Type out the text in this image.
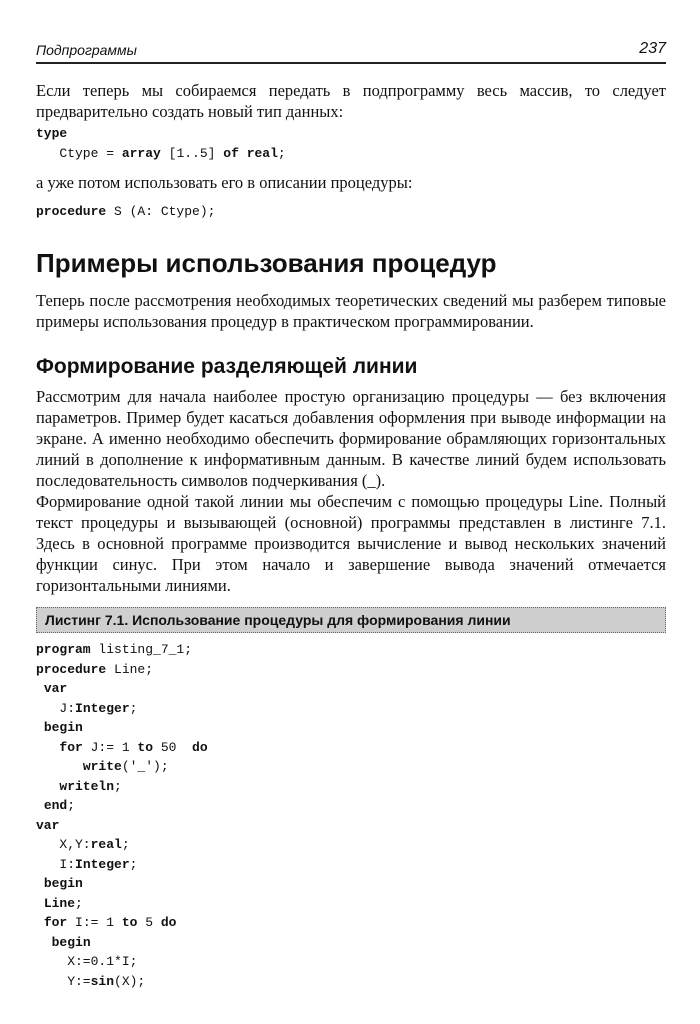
Подпрограммы	237
Если теперь мы собираемся передать в подпрограмму весь массив, то следует предварительно создать новый тип данных:
type
Ctype = array [1..5] of real;
а уже потом использовать его в описании процедуры:
procedure S (A: Ctype);
Примеры использования процедур
Теперь после рассмотрения необходимых теоретических сведений мы разберем типовые примеры использования процедур в практическом программировании.
Формирование разделяющей линии
Рассмотрим для начала наиболее простую организацию процедуры — без включения параметров. Пример будет касаться добавления оформления при выводе информации на экране. А именно необходимо обеспечить формирование обрамляющих горизонтальных линий в дополнение к информативным данным. В качестве линий будем использовать последовательность символов подчеркивания (_).
Формирование одной такой линии мы обеспечим с помощью процедуры Line. Полный текст процедуры и вызывающей (основной) программы представлен в листинге 7.1. Здесь в основной программе производится вычисление и вывод нескольких значений функции синус. При этом начало и завершение вывода значений отмечается горизонтальными линиями.
Листинг 7.1. Использование процедуры для формирования линии
program listing_7_1;
procedure Line;
var
J:Integer;
begin
for J:= 1 to 50  do
write('_');
writeln;
end;
var
X,Y:real;
I:Integer;
begin
Line;
for I:= 1 to 5 do
begin
X:=0.1*I;
Y:=sin(X);
